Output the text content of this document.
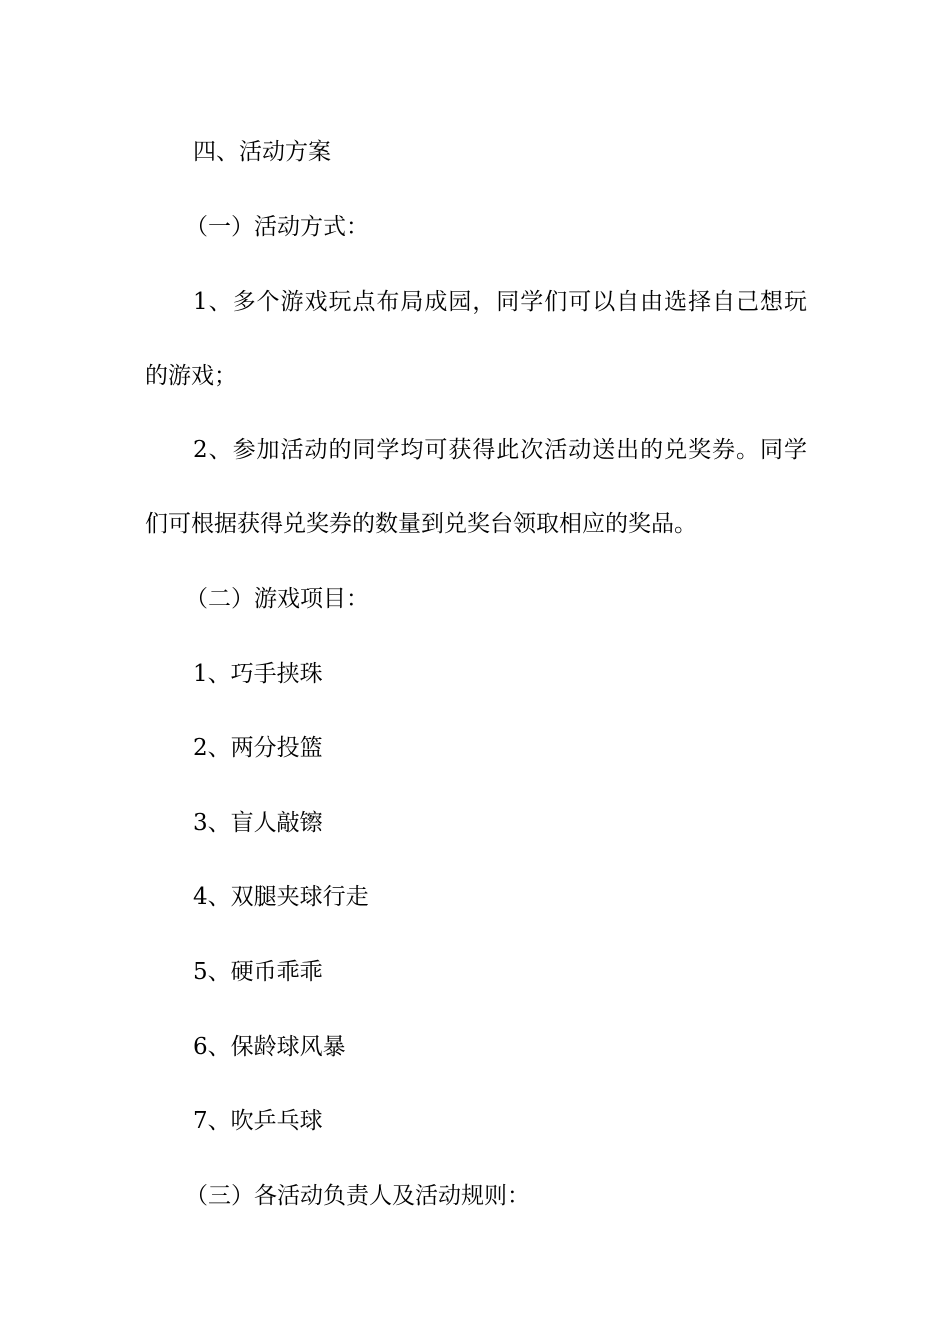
四、活动方案
（一）活动方式：
1、多个游戏玩点布局成园，同学们可以自由选择自己想玩
的游戏；
2、参加活动的同学均可获得此次活动送出的兑奖券。同学
们可根据获得兑奖券的数量到兑奖台领取相应的奖品。
（二）游戏项目：
1、巧手挟珠
2、两分投篮
3、盲人敲镲
4、双腿夹球行走
5、硬币乖乖
6、保龄球风暴
7、吹乒乓球
（三）各活动负责人及活动规则：
